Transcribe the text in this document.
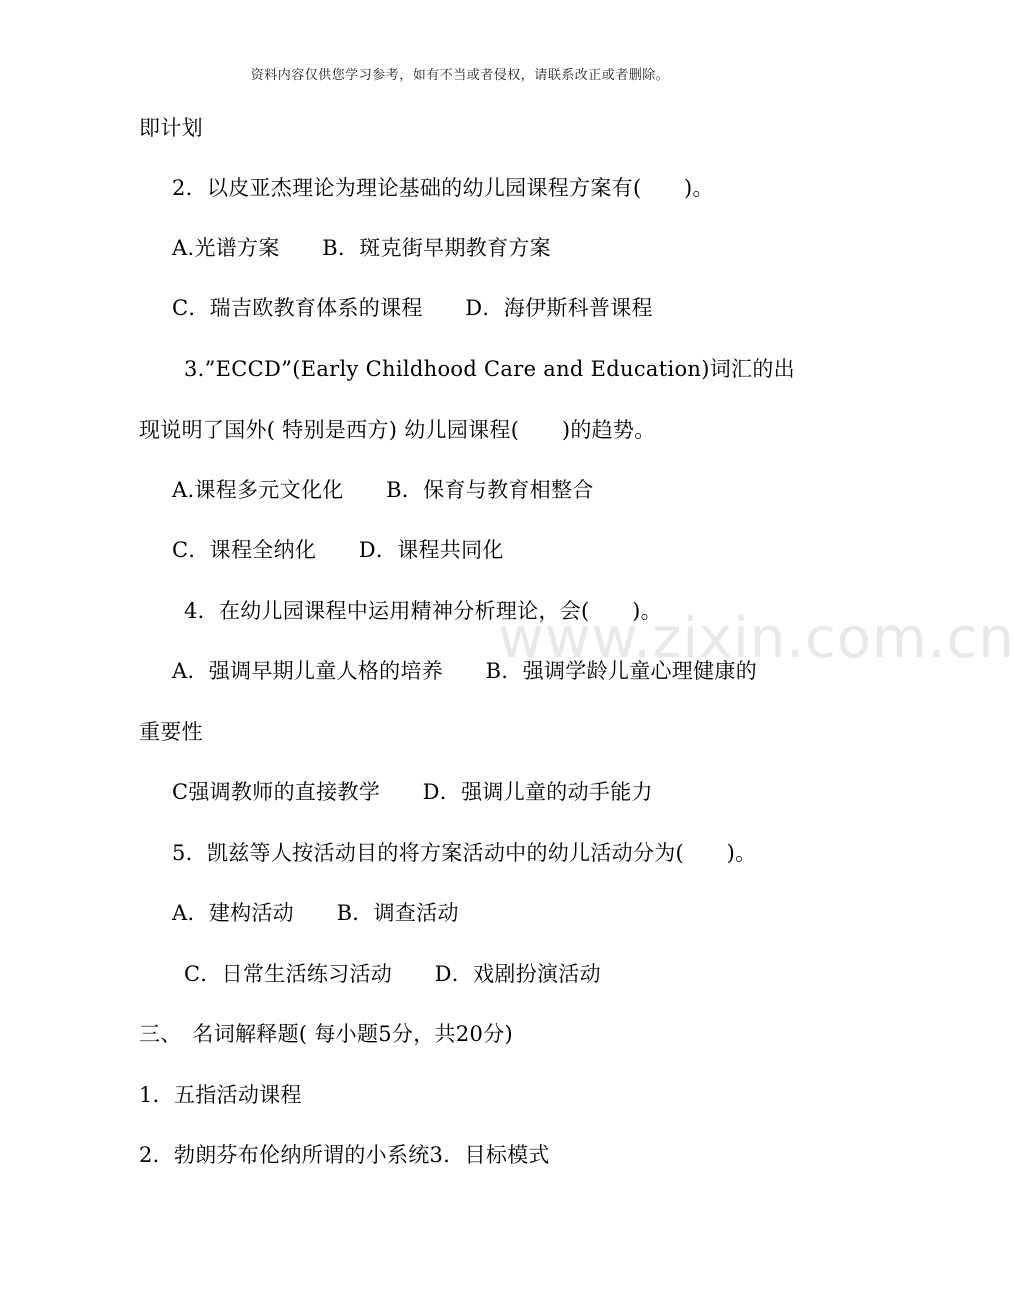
资料内容仅供您学习参考，如有不当或者侵权，请联系改正或者删除。
www.zixin.com.cn
即计划
2．以皮亚杰理论为理论基础的幼儿园课程方案有(　　)。
A.光谱方案　　B．斑克街早期教育方案
C．瑞吉欧教育体系的课程　　D．海伊斯科普课程
3.”ECCD”(Early Childhood Care and Education)词汇的出
现说明了国外( 特别是西方) 幼儿园课程(　　)的趋势。
A.课程多元文化化　　B．保育与教育相整合
C．课程全纳化　　D．课程共同化
4．在幼儿园课程中运用精神分析理论，会(　　)。
A．强调早期儿童人格的培养　　B．强调学龄儿童心理健康的
重要性
C强调教师的直接教学　　D．强调儿童的动手能力
5．凯兹等人按活动目的将方案活动中的幼儿活动分为(　　)。
A．建构活动　　B．调查活动
C．日常生活练习活动　　D．戏剧扮演活动
三、　名词解释题( 每小题5分，共20分)
1．五指活动课程
2．勃朗芬布伦纳所谓的小系统3．目标模式
